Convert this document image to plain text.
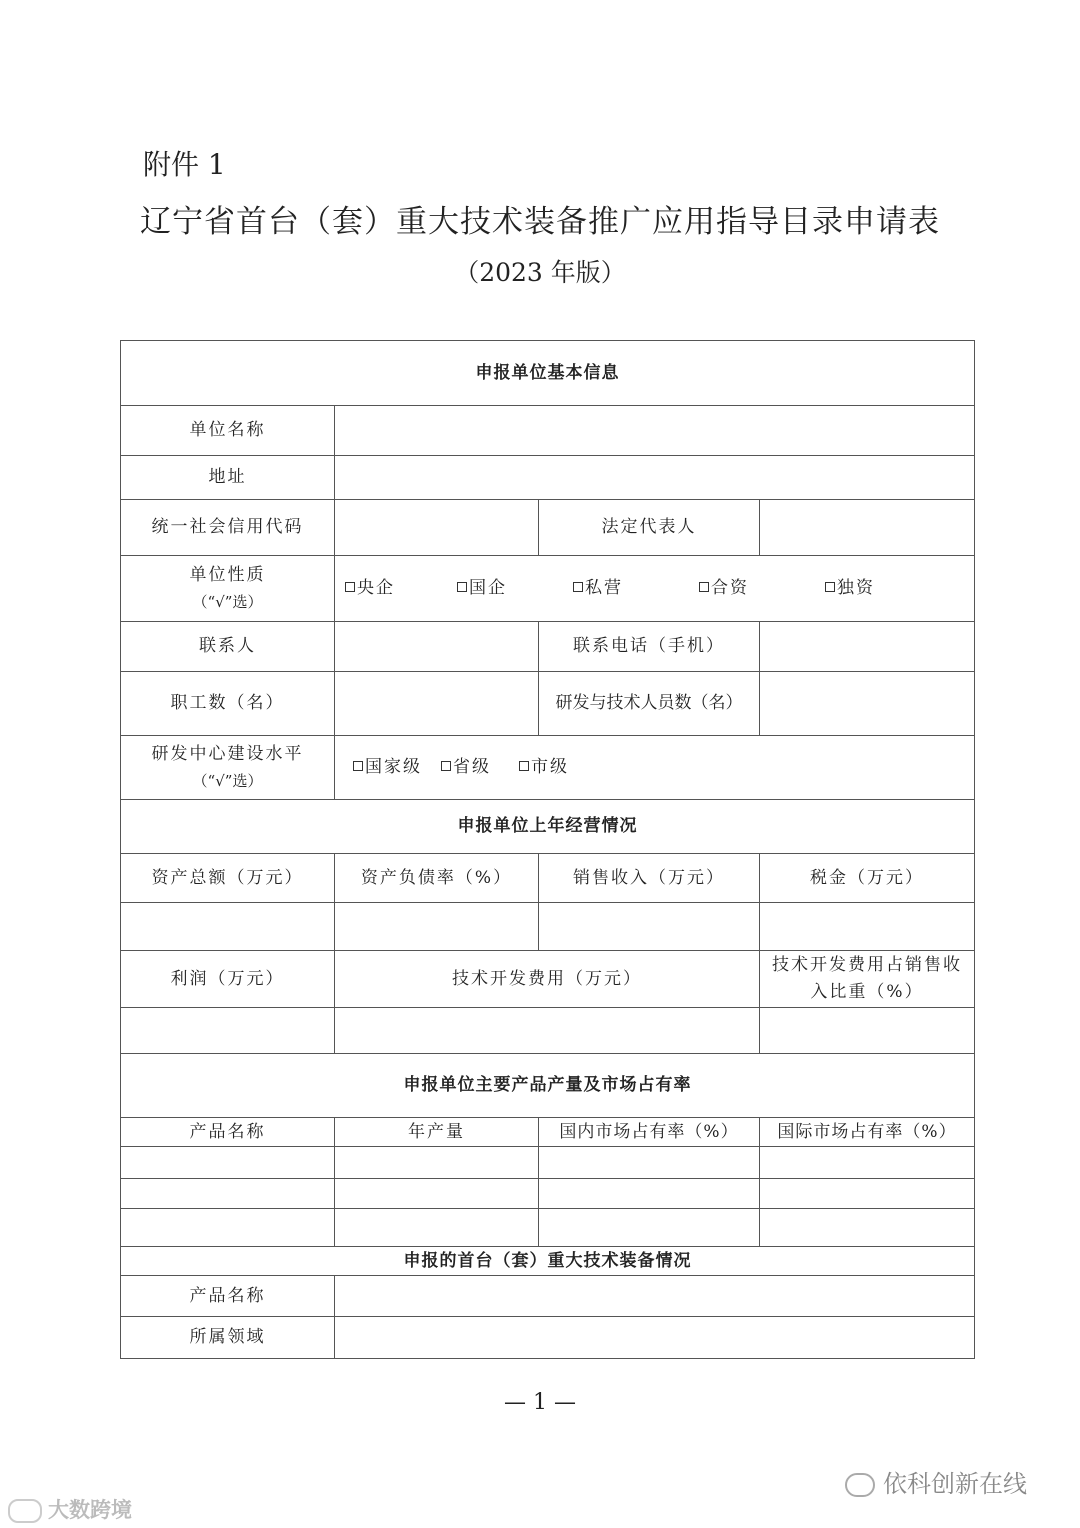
附件 1
辽宁省首台（套）重大技术装备推广应用指导目录申请表
（2023 年版）
申报单位基本信息			
单位名称			
地址			
统一社会信用代码		法定代表人	

单位性质
（“√”选）	央企 国企 私营 合资 独资		
联系人		联系电话（手机）	
职工数（名）		研发与技术人员数（名）	

研发中心建设水平
（“√”选）	国家级 省级 市级		
申报单位上年经营情况			
资产总额（万元）	资产负债率（%）	销售收入（万元）	税金（万元）

利润（万元）	技术开发费用（万元）		技术开发费用占销售收入比重（%）

申报单位主要产品产量及市场占有率			
产品名称	年产量	国内市场占有率（%）	国际市场占有率（%）

申报的首台（套）重大技术装备情况			
产品名称			
所属领域			
— 1 —
依科创新在线
大数跨境
